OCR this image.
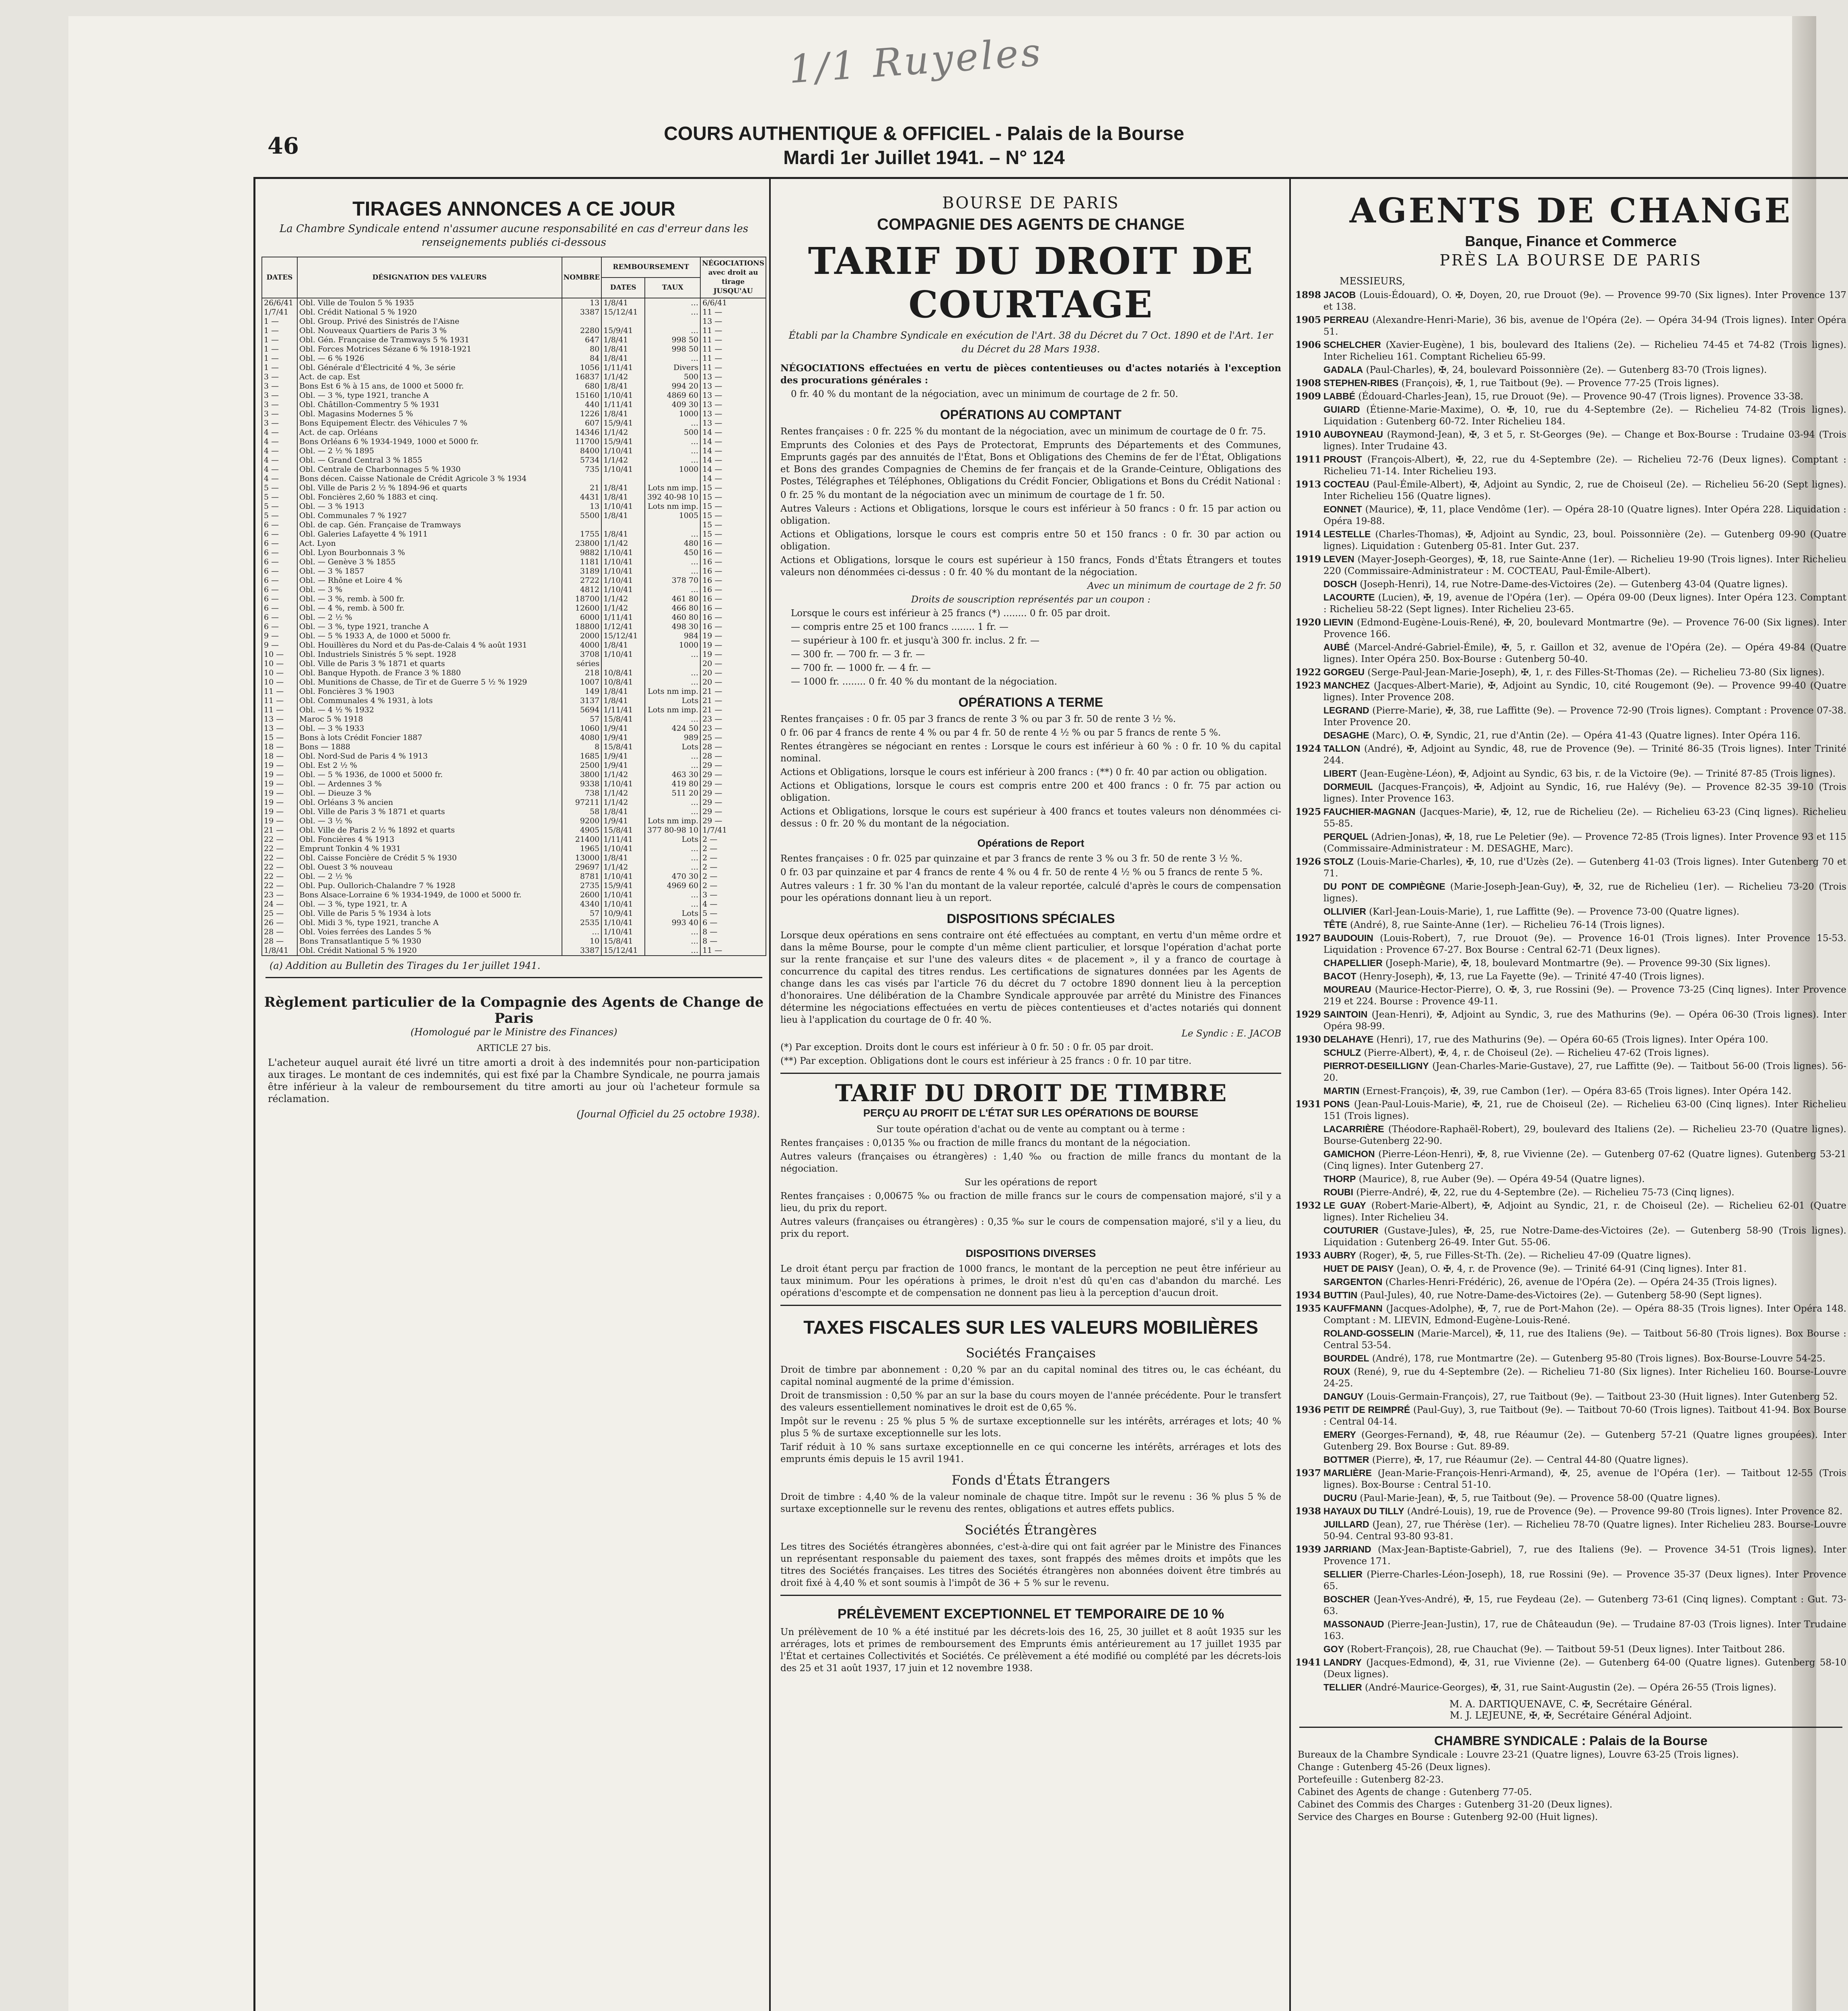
1/1 Ruyeles
46	COURS AUTHENTIQUE & OFFICIEL - Palais de la Bourse
Mardi 1er Juillet 1941. – N° 124
TIRAGES ANNONCES A CE JOUR
La Chambre Syndicale entend n'assumer aucune responsabilité en cas d'erreur dans les renseignements publiés ci-dessous
DATES	DÉSIGNATION DES VALEURS	NOMBRE	REMBOURSEMENT		NÉGOCIATIONS avec droit au tirage JUSQU'AU
			DATES	TAUX	
26/6/41	Obl. Ville de Toulon 5 % 1935	13	1/8/41	…	6/6/41
1/7/41	Obl. Crédit National 5 % 1920	3387	15/12/41	…	11 —
1 —	Obl. Group. Privé des Sinistrés de l'Aisne				13 —
1 —	Obl. Nouveaux Quartiers de Paris 3 %	2280	15/9/41	…	11 —
1 —	Obl. Gén. Française de Tramways 5 % 1931	647	1/8/41	998 50	11 —
1 —	Obl. Forces Motrices Sézane 6 % 1918-1921	80	1/8/41	998 50	11 —
1 —	Obl. — 6 % 1926	84	1/8/41	…	11 —
1 —	Obl. Générale d'Électricité 4 %, 3e série	1056	1/11/41	Divers	11 —
3 —	Act. de cap. Est	16837	1/1/42	500	13 —
3 —	Bons Est 6 % à 15 ans, de 1000 et 5000 fr.	680	1/8/41	994 20	13 —
3 —	Obl. — 3 %, type 1921, tranche A	15160	1/10/41	4869 60	13 —
3 —	Obl. Châtillon-Commentry 5 % 1931	440	1/11/41	409 30	13 —
3 —	Obl. Magasins Modernes 5 %	1226	1/8/41	1000	13 —
3 —	Bons Equipement Électr. des Véhicules 7 %	607	15/9/41	…	13 —
4 —	Act. de cap. Orléans	14346	1/1/42	500	14 —
4 —	Bons Orléans 6 % 1934-1949, 1000 et 5000 fr.	11700	15/9/41	…	14 —
4 —	Obl. — 2 ½ % 1895	8400	1/10/41	…	14 —
4 —	Obl. — Grand Central 3 % 1855	5734	1/1/42	…	14 —
4 —	Obl. Centrale de Charbonnages 5 % 1930	735	1/10/41	1000	14 —
4 —	Bons décen. Caisse Nationale de Crédit Agricole 3 % 1934				14 —
5 —	Obl. Ville de Paris 2 ½ % 1894-96 et quarts	21	1/8/41	Lots nm imp.	15 —
5 —	Obl. Foncières 2,60 % 1883 et cinq.	4431	1/8/41	392 40-98 10	15 —
5 —	Obl. — 3 % 1913	13	1/10/41	Lots nm imp.	15 —
5 —	Obl. Communales 7 % 1927	5500	1/8/41	1005	15 —
6 —	Obl. de cap. Gén. Française de Tramways				15 —
6 —	Obl. Galeries Lafayette 4 % 1911	1755	1/8/41	…	15 —
6 —	Act. Lyon	23800	1/1/42	480	16 —
6 —	Obl. Lyon Bourbonnais 3 %	9882	1/10/41	450	16 —
6 —	Obl. — Genève 3 % 1855	1181	1/10/41	…	16 —
6 —	Obl. — 3 % 1857	3189	1/10/41	…	16 —
6 —	Obl. — Rhône et Loire 4 %	2722	1/10/41	378 70	16 —
6 —	Obl. — 3 %	4812	1/10/41	…	16 —
6 —	Obl. — 3 %, remb. à 500 fr.	18700	1/1/42	461 80	16 —
6 —	Obl. — 4 %, remb. à 500 fr.	12600	1/1/42	466 80	16 —
6 —	Obl. — 2 ½ %	6000	1/11/41	460 80	16 —
6 —	Obl. — 3 %, type 1921, tranche A	18800	1/12/41	498 30	16 —
9 —	Obl. — 5 % 1933 A, de 1000 et 5000 fr.	2000	15/12/41	984	19 —
9 —	Obl. Houillères du Nord et du Pas-de-Calais 4 % août 1931	4000	1/8/41	1000	19 —
10 —	Obl. Industriels Sinistrés 5 % sept. 1928	3708	1/10/41	…	19 —
10 —	Obl. Ville de Paris 3 % 1871 et quarts	séries			20 —
10 —	Obl. Banque Hypoth. de France 3 % 1880	218	10/8/41	…	20 —
10 —	Obl. Munitions de Chasse, de Tir et de Guerre 5 ½ % 1929	1007	10/8/41	…	20 —
11 —	Obl. Foncières 3 % 1903	149	1/8/41	Lots nm imp.	21 —
11 —	Obl. Communales 4 % 1931, à lots	3137	1/8/41	Lots	21 —
11 —	Obl. — 4 ½ % 1932	5694	1/11/41	Lots nm imp.	21 —
13 —	Maroc 5 % 1918	57	15/8/41	…	23 —
13 —	Obl. — 3 % 1933	1060	1/9/41	424 50	23 —
15 —	Bons à lots Crédit Foncier 1887	4080	1/9/41	989	25 —
18 —	Bons — 1888	8	15/8/41	Lots	28 —
18 —	Obl. Nord-Sud de Paris 4 % 1913	1685	1/9/41	…	28 —
19 —	Obl. Est 2 ½ %	2500	1/9/41	…	29 —
19 —	Obl. — 5 % 1936, de 1000 et 5000 fr.	3800	1/1/42	463 30	29 —
19 —	Obl. — Ardennes 3 %	9338	1/10/41	419 80	29 —
19 —	Obl. — Dieuze 3 %	738	1/1/42	511 20	29 —
19 —	Obl. Orléans 3 % ancien	97211	1/1/42	…	29 —
19 —	Obl. Ville de Paris 3 % 1871 et quarts	58	1/8/41	…	29 —
19 —	Obl. — 3 ½ %	9200	1/9/41	Lots nm imp.	29 —
21 —	Obl. Ville de Paris 2 ½ % 1892 et quarts	4905	15/8/41	377 80-98 10	1/7/41
22 —	Obl. Foncières 4 % 1913	21400	1/11/41	Lots	2 —
22 —	Emprunt Tonkin 4 % 1931	1965	1/10/41	…	2 —
22 —	Obl. Caisse Foncière de Crédit 5 % 1930	13000	1/8/41	…	2 —
22 —	Obl. Ouest 3 % nouveau	29697	1/1/42	…	2 —
22 —	Obl. — 2 ½ %	8781	1/10/41	470 30	2 —
22 —	Obl. Pup. Oullorich-Chalandre 7 % 1928	2735	15/9/41	4969 60	2 —
23 —	Bons Alsace-Lorraine 6 % 1934-1949, de 1000 et 5000 fr.	2600	1/10/41	…	3 —
24 —	Obl. — 3 %, type 1921, tr. A	4340	1/10/41	…	4 —
25 —	Obl. Ville de Paris 5 % 1934 à lots	57	10/9/41	Lots	5 —
26 —	Obl. Midi 3 %, type 1921, tranche A	2535	1/10/41	993 40	6 —
28 —	Obl. Voies ferrées des Landes 5 %	…	1/10/41	…	8 —
28 —	Bons Transatlantique 5 % 1930	10	15/8/41	…	8 —
1/8/41	Obl. Crédit National 5 % 1920	3387	15/12/41	…	11 —
(a) Addition au Bulletin des Tirages du 1er juillet 1941.
Règlement particulier de la Compagnie des Agents de Change de Paris
(Homologué par le Ministre des Finances)
ARTICLE 27 bis.
L'acheteur auquel aurait été livré un titre amorti a droit à des indemnités pour non-participation aux tirages. Le montant de ces indemnités, qui est fixé par la Chambre Syndicale, ne pourra jamais être inférieur à la valeur de remboursement du titre amorti au jour où l'acheteur formule sa réclamation.
(Journal Officiel du 25 octobre 1938).
BOURSE DE PARIS
COMPAGNIE DES AGENTS DE CHANGE
TARIF DU DROIT DE COURTAGE
Établi par la Chambre Syndicale en exécution de l'Art. 38 du Décret du 7 Oct. 1890 et de l'Art. 1er du Décret du 28 Mars 1938.
NÉGOCIATIONS effectuées en vertu de pièces contentieuses ou d'actes notariés à l'exception des procurations générales :
0 fr. 40 % du montant de la négociation, avec un minimum de courtage de 2 fr. 50.
OPÉRATIONS AU COMPTANT
Rentes françaises : 0 fr. 225 % du montant de la négociation, avec un minimum de courtage de 0 fr. 75.
Emprunts des Colonies et des Pays de Protectorat, Emprunts des Départements et des Communes, Emprunts gagés par des annuités de l'État, Bons et Obligations des Chemins de fer de l'État, Obligations et Bons des grandes Compagnies de Chemins de fer français et de la Grande-Ceinture, Obligations des Postes, Télégraphes et Téléphones, Obligations du Crédit Foncier, Obligations et Bons du Crédit National :
0 fr. 25 % du montant de la négociation avec un minimum de courtage de 1 fr. 50.
Autres Valeurs : Actions et Obligations, lorsque le cours est inférieur à 50 francs : 0 fr. 15 par action ou obligation.
Actions et Obligations, lorsque le cours est compris entre 50 et 150 francs : 0 fr. 30 par action ou obligation.
Actions et Obligations, lorsque le cours est supérieur à 150 francs, Fonds d'États Étrangers et toutes valeurs non dénommées ci-dessus : 0 fr. 40 % du montant de la négociation.
Avec un minimum de courtage de 2 fr. 50
Droits de souscription représentés par un coupon :
Lorsque le cours est inférieur à 25 francs (*) ........ 0 fr. 05 par droit.
— compris entre 25 et 100 francs ........ 1 fr. —
— supérieur à 100 fr. et jusqu'à 300 fr. inclus. 2 fr. —
— 300 fr. — 700 fr. — 3 fr. —
— 700 fr. — 1000 fr. — 4 fr. —
— 1000 fr. ........ 0 fr. 40 % du montant de la négociation.
OPÉRATIONS A TERME
Rentes françaises : 0 fr. 05 par 3 francs de rente 3 % ou par 3 fr. 50 de rente 3 ½ %.
0 fr. 06 par 4 francs de rente 4 % ou par 4 fr. 50 de rente 4 ½ % ou par 5 francs de rente 5 %.
Rentes étrangères se négociant en rentes : Lorsque le cours est inférieur à 60 % : 0 fr. 10 % du capital nominal.
Actions et Obligations, lorsque le cours est inférieur à 200 francs : (**) 0 fr. 40 par action ou obligation.
Actions et Obligations, lorsque le cours est compris entre 200 et 400 francs : 0 fr. 75 par action ou obligation.
Actions et Obligations, lorsque le cours est supérieur à 400 francs et toutes valeurs non dénommées ci-dessus : 0 fr. 20 % du montant de la négociation.
Opérations de Report
Rentes françaises : 0 fr. 025 par quinzaine et par 3 francs de rente 3 % ou 3 fr. 50 de rente 3 ½ %.
0 fr. 03 par quinzaine et par 4 francs de rente 4 % ou 4 fr. 50 de rente 4 ½ % ou 5 francs de rente 5 %.
Autres valeurs : 1 fr. 30 % l'an du montant de la valeur reportée, calculé d'après le cours de compensation pour les opérations donnant lieu à un report.
DISPOSITIONS SPÉCIALES
Lorsque deux opérations en sens contraire ont été effectuées au comptant, en vertu d'un même ordre et dans la même Bourse, pour le compte d'un même client particulier, et lorsque l'opération d'achat porte sur la rente française et sur l'une des valeurs dites « de placement », il y a franco de courtage à concurrence du capital des titres rendus. Les certifications de signatures données par les Agents de change dans les cas visés par l'article 76 du décret du 7 octobre 1890 donnent lieu à la perception d'honoraires. Une délibération de la Chambre Syndicale approuvée par arrêté du Ministre des Finances détermine les négociations effectuées en vertu de pièces contentieuses et d'actes notariés qui donnent lieu à l'application du courtage de 0 fr. 40 %.
Le Syndic : E. JACOB
(*) Par exception. Droits dont le cours est inférieur à 0 fr. 50 : 0 fr. 05 par droit.
(**) Par exception. Obligations dont le cours est inférieur à 25 francs : 0 fr. 10 par titre.
TARIF DU DROIT DE TIMBRE
PERÇU AU PROFIT DE L'ÉTAT SUR LES OPÉRATIONS DE BOURSE
Sur toute opération d'achat ou de vente au comptant ou à terme :
Rentes françaises : 0,0135 ‰ ou fraction de mille francs du montant de la négociation.
Autres valeurs (françaises ou étrangères) : 1,40 ‰ ou fraction de mille francs du montant de la négociation.
Sur les opérations de report
Rentes françaises : 0,00675 ‰ ou fraction de mille francs sur le cours de compensation majoré, s'il y a lieu, du prix du report.
Autres valeurs (françaises ou étrangères) : 0,35 ‰ sur le cours de compensation majoré, s'il y a lieu, du prix du report.
DISPOSITIONS DIVERSES
Le droit étant perçu par fraction de 1000 francs, le montant de la perception ne peut être inférieur au taux minimum. Pour les opérations à primes, le droit n'est dû qu'en cas d'abandon du marché. Les opérations d'escompte et de compensation ne donnent pas lieu à la perception d'aucun droit.
TAXES FISCALES SUR LES VALEURS MOBILIÈRES
Sociétés Françaises
Droit de timbre par abonnement : 0,20 % par an du capital nominal des titres ou, le cas échéant, du capital nominal augmenté de la prime d'émission.
Droit de transmission : 0,50 % par an sur la base du cours moyen de l'année précédente. Pour le transfert des valeurs essentiellement nominatives le droit est de 0,65 %.
Impôt sur le revenu : 25 % plus 5 % de surtaxe exceptionnelle sur les intérêts, arrérages et lots; 40 % plus 5 % de surtaxe exceptionnelle sur les lots.
Tarif réduit à 10 % sans surtaxe exceptionnelle en ce qui concerne les intérêts, arrérages et lots des emprunts émis depuis le 15 avril 1941.
Fonds d'États Étrangers
Droit de timbre : 4,40 % de la valeur nominale de chaque titre. Impôt sur le revenu : 36 % plus 5 % de surtaxe exceptionnelle sur le revenu des rentes, obligations et autres effets publics.
Sociétés Étrangères
Les titres des Sociétés étrangères abonnées, c'est-à-dire qui ont fait agréer par le Ministre des Finances un représentant responsable du paiement des taxes, sont frappés des mêmes droits et impôts que les titres des Sociétés françaises. Les titres des Sociétés étrangères non abonnées doivent être timbrés au droit fixé à 4,40 % et sont soumis à l'impôt de 36 + 5 % sur le revenu.
PRÉLÈVEMENT EXCEPTIONNEL ET TEMPORAIRE DE 10 %
Un prélèvement de 10 % a été institué par les décrets-lois des 16, 25, 30 juillet et 8 août 1935 sur les arrérages, lots et primes de remboursement des Emprunts émis antérieurement au 17 juillet 1935 par l'État et certaines Collectivités et Sociétés. Ce prélèvement a été modifié ou complété par les décrets-lois des 25 et 31 août 1937, 17 juin et 12 novembre 1938.
AGENTS DE CHANGE
Banque, Finance et Commerce
PRÈS LA BOURSE DE PARIS
MESSIEURS,
1898 JACOB (Louis-Édouard), O. ✠, Doyen, 20, rue Drouot (9e). — Provence 99-70 (Six lignes). Inter Provence 137 et 138.
1905 PERREAU (Alexandre-Henri-Marie), 36 bis, avenue de l'Opéra (2e). — Opéra 34-94 (Trois lignes). Inter Opéra 51.
1906 SCHELCHER (Xavier-Eugène), 1 bis, boulevard des Italiens (2e). — Richelieu 74-45 et 74-82 (Trois lignes). Inter Richelieu 161. Comptant Richelieu 65-99.
GADALA (Paul-Charles), ✠, 24, boulevard Poissonnière (2e). — Gutenberg 83-70 (Trois lignes).
1908 STEPHEN-RIBES (François), ✠, 1, rue Taitbout (9e). — Provence 77-25 (Trois lignes).
1909 LABBÉ (Édouard-Charles-Jean), 15, rue Drouot (9e). — Provence 90-47 (Trois lignes). Provence 33-38.
GUIARD (Étienne-Marie-Maxime), O. ✠, 10, rue du 4-Septembre (2e). — Richelieu 74-82 (Trois lignes). Liquidation : Gutenberg 60-72. Inter Richelieu 184.
1910 AUBOYNEAU (Raymond-Jean), ✠, 3 et 5, r. St-Georges (9e). — Change et Box-Bourse : Trudaine 03-94 (Trois lignes). Inter Trudaine 43.
1911 PROUST (François-Albert), ✠, 22, rue du 4-Septembre (2e). — Richelieu 72-76 (Deux lignes). Comptant : Richelieu 71-14. Inter Richelieu 193.
1913 COCTEAU (Paul-Émile-Albert), ✠, Adjoint au Syndic, 2, rue de Choiseul (2e). — Richelieu 56-20 (Sept lignes). Inter Richelieu 156 (Quatre lignes).
EONNET (Maurice), ✠, 11, place Vendôme (1er). — Opéra 28-10 (Quatre lignes). Inter Opéra 228. Liquidation : Opéra 19-88.
1914 LESTELLE (Charles-Thomas), ✠, Adjoint au Syndic, 23, boul. Poissonnière (2e). — Gutenberg 09-90 (Quatre lignes). Liquidation : Gutenberg 05-81. Inter Gut. 237.
1919 LEVEN (Mayer-Joseph-Georges), ✠, 18, rue Sainte-Anne (1er). — Richelieu 19-90 (Trois lignes). Inter Richelieu 220 (Commissaire-Administrateur : M. COCTEAU, Paul-Émile-Albert).
DOSCH (Joseph-Henri), 14, rue Notre-Dame-des-Victoires (2e). — Gutenberg 43-04 (Quatre lignes).
LACOURTE (Lucien), ✠, 19, avenue de l'Opéra (1er). — Opéra 09-00 (Deux lignes). Inter Opéra 123. Comptant : Richelieu 58-22 (Sept lignes). Inter Richelieu 23-65.
1920 LIEVIN (Edmond-Eugène-Louis-René), ✠, 20, boulevard Montmartre (9e). — Provence 76-00 (Six lignes). Inter Provence 166.
AUBÉ (Marcel-André-Gabriel-Émile), ✠, 5, r. Gaillon et 32, avenue de l'Opéra (2e). — Opéra 49-84 (Quatre lignes). Inter Opéra 250. Box-Bourse : Gutenberg 50-40.
1922 GORGEU (Serge-Paul-Jean-Marie-Joseph), ✠, 1, r. des Filles-St-Thomas (2e). — Richelieu 73-80 (Six lignes).
1923 MANCHEZ (Jacques-Albert-Marie), ✠, Adjoint au Syndic, 10, cité Rougemont (9e). — Provence 99-40 (Quatre lignes). Inter Provence 208.
LEGRAND (Pierre-Marie), ✠, 38, rue Laffitte (9e). — Provence 72-90 (Trois lignes). Comptant : Provence 07-38. Inter Provence 20.
DESAGHE (Marc), O. ✠, Syndic, 21, rue d'Antin (2e). — Opéra 41-43 (Quatre lignes). Inter Opéra 116.
1924 TALLON (André), ✠, Adjoint au Syndic, 48, rue de Provence (9e). — Trinité 86-35 (Trois lignes). Inter Trinité 244.
LIBERT (Jean-Eugène-Léon), ✠, Adjoint au Syndic, 63 bis, r. de la Victoire (9e). — Trinité 87-85 (Trois lignes).
DORMEUIL (Jacques-François), ✠, Adjoint au Syndic, 16, rue Halévy (9e). — Provence 82-35 39-10 (Trois lignes). Inter Provence 163.
1925 FAUCHIER-MAGNAN (Jacques-Marie), ✠, 12, rue de Richelieu (2e). — Richelieu 63-23 (Cinq lignes). Richelieu 55-85.
PERQUEL (Adrien-Jonas), ✠, 18, rue Le Peletier (9e). — Provence 72-85 (Trois lignes). Inter Provence 93 et 115 (Commissaire-Administrateur : M. DESAGHE, Marc).
1926 STOLZ (Louis-Marie-Charles), ✠, 10, rue d'Uzès (2e). — Gutenberg 41-03 (Trois lignes). Inter Gutenberg 70 et 71.
DU PONT DE COMPIÈGNE (Marie-Joseph-Jean-Guy), ✠, 32, rue de Richelieu (1er). — Richelieu 73-20 (Trois lignes).
OLLIVIER (Karl-Jean-Louis-Marie), 1, rue Laffitte (9e). — Provence 73-00 (Quatre lignes).
TÊTE (André), 8, rue Sainte-Anne (1er). — Richelieu 76-14 (Trois lignes).
1927 BAUDOUIN (Louis-Robert), 7, rue Drouot (9e). — Provence 16-01 (Trois lignes). Inter Provence 15-53. Liquidation : Provence 67-27. Box Bourse : Central 62-71 (Deux lignes).
CHAPELLIER (Joseph-Marie), ✠, 18, boulevard Montmartre (9e). — Provence 99-30 (Six lignes).
BACOT (Henry-Joseph), ✠, 13, rue La Fayette (9e). — Trinité 47-40 (Trois lignes).
MOUREAU (Maurice-Hector-Pierre), O. ✠, 3, rue Rossini (9e). — Provence 73-25 (Cinq lignes). Inter Provence 219 et 224. Bourse : Provence 49-11.
1929 SAINTOIN (Jean-Henri), ✠, Adjoint au Syndic, 3, rue des Mathurins (9e). — Opéra 06-30 (Trois lignes). Inter Opéra 98-99.
1930 DELAHAYE (Henri), 17, rue des Mathurins (9e). — Opéra 60-65 (Trois lignes). Inter Opéra 100.
SCHULZ (Pierre-Albert), ✠, 4, r. de Choiseul (2e). — Richelieu 47-62 (Trois lignes).
PIERROT-DESEILLIGNY (Jean-Charles-Marie-Gustave), 27, rue Laffitte (9e). — Taitbout 56-00 (Trois lignes). 56-20.
MARTIN (Ernest-François), ✠, 39, rue Cambon (1er). — Opéra 83-65 (Trois lignes). Inter Opéra 142.
1931 PONS (Jean-Paul-Louis-Marie), ✠, 21, rue de Choiseul (2e). — Richelieu 63-00 (Cinq lignes). Inter Richelieu 151 (Trois lignes).
LACARRIÈRE (Théodore-Raphaël-Robert), 29, boulevard des Italiens (2e). — Richelieu 23-70 (Quatre lignes). Bourse-Gutenberg 22-90.
GAMICHON (Pierre-Léon-Henri), ✠, 8, rue Vivienne (2e). — Gutenberg 07-62 (Quatre lignes). Gutenberg 53-21 (Cinq lignes). Inter Gutenberg 27.
THORP (Maurice), 8, rue Auber (9e). — Opéra 49-54 (Quatre lignes).
ROUBI (Pierre-André), ✠, 22, rue du 4-Septembre (2e). — Richelieu 75-73 (Cinq lignes).
1932 LE GUAY (Robert-Marie-Albert), ✠, Adjoint au Syndic, 21, r. de Choiseul (2e). — Richelieu 62-01 (Quatre lignes). Inter Richelieu 34.
COUTURIER (Gustave-Jules), ✠, 25, rue Notre-Dame-des-Victoires (2e). — Gutenberg 58-90 (Trois lignes). Liquidation : Gutenberg 26-49. Inter Gut. 55-06.
1933 AUBRY (Roger), ✠, 5, rue Filles-St-Th. (2e). — Richelieu 47-09 (Quatre lignes).
HUET DE PAISY (Jean), O. ✠, 4, r. de Provence (9e). — Trinité 64-91 (Cinq lignes). Inter 81.
SARGENTON (Charles-Henri-Frédéric), 26, avenue de l'Opéra (2e). — Opéra 24-35 (Trois lignes).
1934 BUTTIN (Paul-Jules), 40, rue Notre-Dame-des-Victoires (2e). — Gutenberg 58-90 (Sept lignes).
1935 KAUFFMANN (Jacques-Adolphe), ✠, 7, rue de Port-Mahon (2e). — Opéra 88-35 (Trois lignes). Inter Opéra 148. Comptant : M. LIEVIN, Edmond-Eugène-Louis-René.
ROLAND-GOSSELIN (Marie-Marcel), ✠, 11, rue des Italiens (9e). — Taitbout 56-80 (Trois lignes). Box Bourse : Central 53-54.
BOURDEL (André), 178, rue Montmartre (2e). — Gutenberg 95-80 (Trois lignes). Box-Bourse-Louvre 54-25.
ROUX (René), 9, rue du 4-Septembre (2e). — Richelieu 71-80 (Six lignes). Inter Richelieu 160. Bourse-Louvre 24-25.
DANGUY (Louis-Germain-François), 27, rue Taitbout (9e). — Taitbout 23-30 (Huit lignes). Inter Gutenberg 52.
1936 PETIT DE REIMPRÉ (Paul-Guy), 3, rue Taitbout (9e). — Taitbout 70-60 (Trois lignes). Taitbout 41-94. Box Bourse : Central 04-14.
EMERY (Georges-Fernand), ✠, 48, rue Réaumur (2e). — Gutenberg 57-21 (Quatre lignes groupées). Inter Gutenberg 29. Box Bourse : Gut. 89-89.
BOTTMER (Pierre), ✠, 17, rue Réaumur (2e). — Central 44-80 (Quatre lignes).
1937 MARLIÈRE (Jean-Marie-François-Henri-Armand), ✠, 25, avenue de l'Opéra (1er). — Taitbout 12-55 (Trois lignes). Box-Bourse : Central 51-10.
DUCRU (Paul-Marie-Jean), ✠, 5, rue Taitbout (9e). — Provence 58-00 (Quatre lignes).
1938 HAYAUX DU TILLY (André-Louis), 19, rue de Provence (9e). — Provence 99-80 (Trois lignes). Inter Provence 82.
JUILLARD (Jean), 27, rue Thérèse (1er). — Richelieu 78-70 (Quatre lignes). Inter Richelieu 283. Bourse-Louvre 50-94. Central 93-80 93-81.
1939 JARRIAND (Max-Jean-Baptiste-Gabriel), 7, rue des Italiens (9e). — Provence 34-51 (Trois lignes). Inter Provence 171.
SELLIER (Pierre-Charles-Léon-Joseph), 18, rue Rossini (9e). — Provence 35-37 (Deux lignes). Inter Provence 65.
BOSCHER (Jean-Yves-André), ✠, 15, rue Feydeau (2e). — Gutenberg 73-61 (Cinq lignes). Comptant : Gut. 73-63.
MASSONAUD (Pierre-Jean-Justin), 17, rue de Châteaudun (9e). — Trudaine 87-03 (Trois lignes). Inter Trudaine 163.
GOY (Robert-François), 28, rue Chauchat (9e). — Taitbout 59-51 (Deux lignes). Inter Taitbout 286.
1941 LANDRY (Jacques-Edmond), ✠, 31, rue Vivienne (2e). — Gutenberg 64-00 (Quatre lignes). Gutenberg 58-10 (Deux lignes).
TELLIER (André-Maurice-Georges), ✠, 31, rue Saint-Augustin (2e). — Opéra 26-55 (Trois lignes).
M. A. DARTIQUENAVE, C. ✠, Secrétaire Général.
M. J. LEJEUNE, ✠, ✠, Secrétaire Général Adjoint.
CHAMBRE SYNDICALE : Palais de la Bourse
Bureaux de la Chambre Syndicale : Louvre 23-21 (Quatre lignes), Louvre 63-25 (Trois lignes).
Change : Gutenberg 45-26 (Deux lignes).
Portefeuille : Gutenberg 82-23.
Cabinet des Agents de change : Gutenberg 77-05.
Cabinet des Commis des Charges : Gutenberg 31-20 (Deux lignes).
Service des Charges en Bourse : Gutenberg 92-00 (Huit lignes).
